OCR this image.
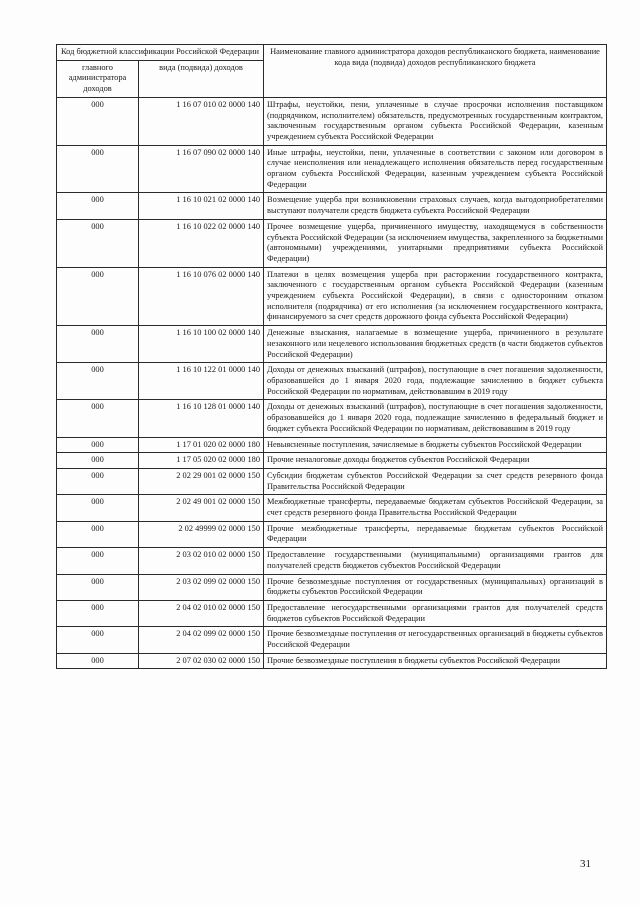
Код бюджетной классификации Российской Федерации		Наименование главного администратора доходов республиканского бюджета, наименование кода вида (подвида) доходов республиканского бюджета
главного администратора доходов	вида (подвида) доходов	
000	1 16 07 010 02 0000 140	Штрафы, неустойки, пени, уплаченные в случае просрочки исполнения поставщиком (подрядчиком, исполнителем) обязательств, предусмотренных государственным контрактом, заключенным государственным органом субъекта Российской Федерации, казенным учреждением субъекта Российской Федерации
000	1 16 07 090 02 0000 140	Иные штрафы, неустойки, пени, уплаченные в соответствии с законом или договором в случае неисполнения или ненадлежащего исполнения обязательств перед государственным органом субъекта Российской Федерации, казенным учреждением субъекта Российской Федерации
000	1 16 10 021 02 0000 140	Возмещение ущерба при возникновении страховых случаев, когда выгодоприобретателями выступают получатели средств бюджета субъекта Российской Федерации
000	1 16 10 022 02 0000 140	Прочее возмещение ущерба, причиненного имуществу, находящемуся в собственности субъекта Российской Федерации (за исключением имущества, закрепленного за бюджетными (автономными) учреждениями, унитарными предприятиями субъекта Российской Федерации)
000	1 16 10 076 02 0000 140	Платежи в целях возмещения ущерба при расторжении государственного контракта, заключенного с государственным органом субъекта Российской Федерации (казенным учреждением субъекта Российской Федерации), в связи с односторонним отказом исполнителя (подрядчика) от его исполнения (за исключением государственного контракта, финансируемого за счет средств дорожного фонда субъекта Российской Федерации)
000	1 16 10 100 02 0000 140	Денежные взыскания, налагаемые в возмещение ущерба, причиненного в результате незаконного или нецелевого использования бюджетных средств (в части бюджетов субъектов Российской Федерации)
000	1 16 10 122 01 0000 140	Доходы от денежных взысканий (штрафов), поступающие в счет погашения задолженности, образовавшейся до 1 января 2020 года, подлежащие зачислению в бюджет субъекта Российской Федерации по нормативам, действовавшим в 2019 году
000	1 16 10 128 01 0000 140	Доходы от денежных взысканий (штрафов), поступающие в счет погашения задолженности, образовавшейся до 1 января 2020 года, подлежащие зачислению в федеральный бюджет и бюджет субъекта Российской Федерации по нормативам, действовавшим в 2019 году
000	1 17 01 020 02 0000 180	Невыясненные поступления, зачисляемые в бюджеты субъектов Российской Федерации
000	1 17 05 020 02 0000 180	Прочие неналоговые доходы бюджетов субъектов Российской Федерации
000	2 02 29 001 02 0000 150	Субсидии бюджетам субъектов Российской Федерации за счет средств резервного фонда Правительства Российской Федерации
000	2 02 49 001 02 0000 150	Межбюджетные трансферты, передаваемые бюджетам субъектов Российской Федерации, за счет средств резервного фонда Правительства Российской Федерации
000	2 02 49999 02 0000 150	Прочие межбюджетные трансферты, передаваемые бюджетам субъектов Российской Федерации
000	2 03 02 010 02 0000 150	Предоставление государственными (муниципальными) организациями грантов для получателей средств бюджетов субъектов Российской Федерации
000	2 03 02 099 02 0000 150	Прочие безвозмездные поступления от государственных (муниципальных) организаций в бюджеты субъектов Российской Федерации
000	2 04 02 010 02 0000 150	Предоставление негосударственными организациями грантов для получателей средств бюджетов субъектов Российской Федерации
000	2 04 02 099 02 0000 150	Прочие безвозмездные поступления от негосударственных организаций в бюджеты субъектов Российской Федерации
000	2 07 02 030 02 0000 150	Прочие безвозмездные поступления в бюджеты субъектов Российской Федерации
31
